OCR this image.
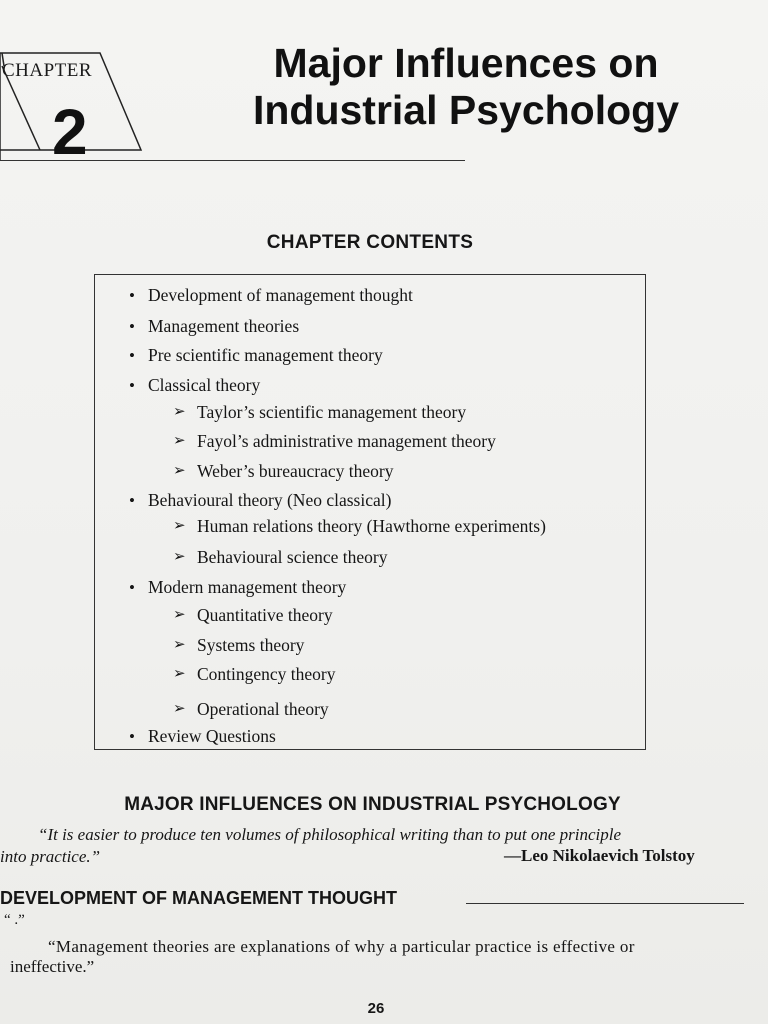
CHAPTER
2
Major Influences on
Industrial Psychology
CHAPTER CONTENTS
• Development of management thought
• Management theories
• Pre scientific management theory
• Classical theory
➢ Taylor’s scientific management theory
➢ Fayol’s administrative management theory
➢ Weber’s bureaucracy theory
• Behavioural theory (Neo classical)
➢ Human relations theory (Hawthorne experiments)
➢ Behavioural science theory
• Modern management theory
➢ Quantitative theory
➢ Systems theory
➢ Contingency theory
➢ Operational theory
• Review Questions
MAJOR INFLUENCES ON INDUSTRIAL PSYCHOLOGY
“It is easier to produce ten volumes of philosophical writing than to put one principle
into practice.”	—Leo Nikolaevich Tolstoy
DEVELOPMENT OF MANAGEMENT THOUGHT
“ .”
“Management theories are explanations of why a particular practice is effective or
ineffective.”
26
